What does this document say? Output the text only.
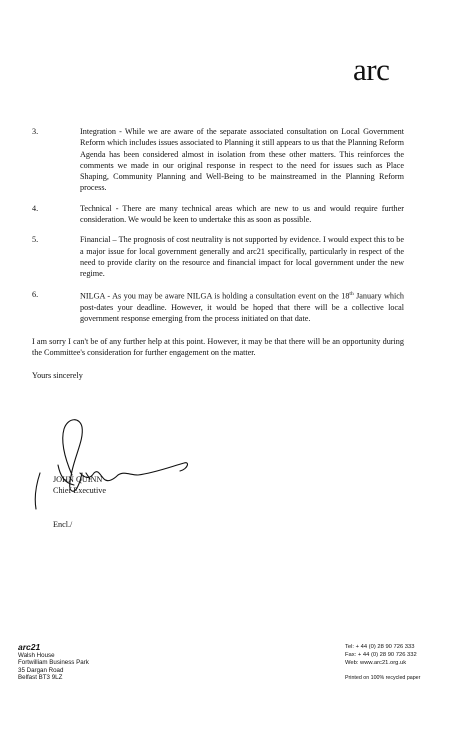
arc
3.	Integration - While we are aware of the separate associated consultation on Local Government Reform which includes issues associated to Planning it still appears to us that the Planning Reform Agenda has been considered almost in isolation from these other matters. This reinforces the comments we made in our original response in respect to the need for issues such as Place Shaping, Community Planning and Well-Being to be mainstreamed in the Planning Reform process.
4.	Technical - There are many technical areas which are new to us and would require further consideration. We would be keen to undertake this as soon as possible.
5.	Financial – The prognosis of cost neutrality is not supported by evidence. I would expect this to be a major issue for local government generally and arc21 specifically, particularly in respect of the need to provide clarity on the resource and financial impact for local government under the new regime.
6.	NILGA - As you may be aware NILGA is holding a consultation event on the 18th January which post-dates your deadline. However, it would be hoped that there will be a collective local government response emerging from the process initiated on that date.
I am sorry I can't be of any further help at this point. However, it may be that there will be an opportunity during the Committee's consideration for further engagement on the matter.
Yours sincerely
JOHN QUINN
Chief Executive
Encl./
arc21
Walsh House
Fortwilliam Business Park
35 Dargan Road
Belfast BT3 9LZ
Tel: + 44 (0) 28 90 726 333
Fax: + 44 (0) 28 90 726 332
Web: www.arc21.org.uk
Printed on 100% recycled paper
